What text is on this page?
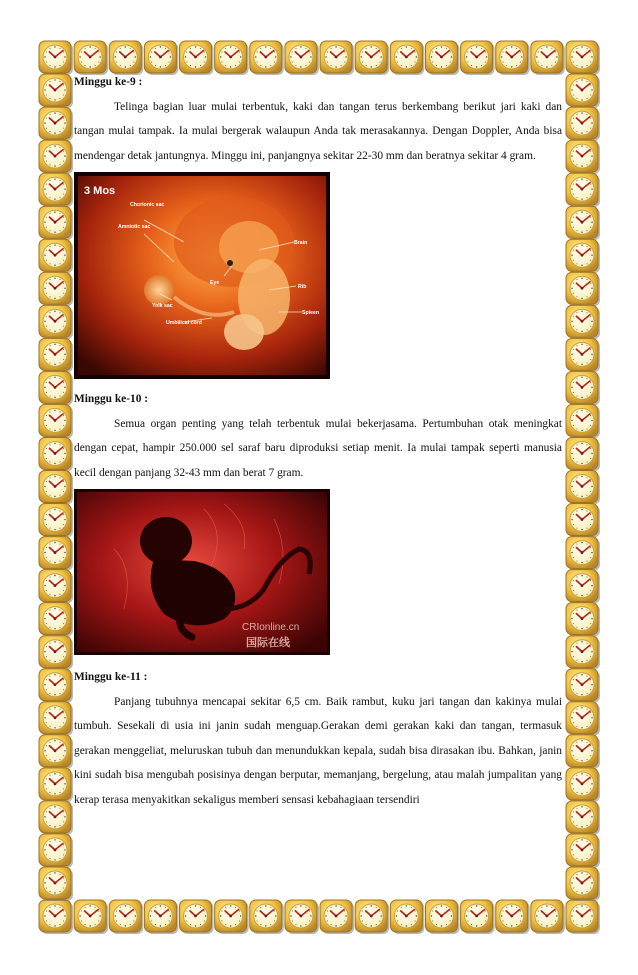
Minggu ke-9 :

Telinga bagian luar mulai terbentuk, kaki dan tangan terus berkembang berikut jari kaki dan tangan mulai tampak. Ia mulai bergerak walaupun Anda tak merasakannya. Dengan Doppler, Anda bisa mendengar detak jantungnya. Minggu ini, panjangnya sekitar 22-30 mm dan beratnya sekitar 4 gram.

3 Mos
Chorionic sac
Amniotic sac
Brain
Eye
Rib
Yolk sac
Spleen
Umbilical cord

Minggu ke-10 :

Semua organ penting yang telah terbentuk mulai bekerjasama. Pertumbuhan otak meningkat dengan cepat, hampir 250.000 sel saraf baru diproduksi setiap menit. Ia mulai tampak seperti manusia kecil dengan panjang 32-43 mm dan berat 7 gram.

CRIonline.cn
国际在线

Minggu ke-11 :

Panjang tubuhnya mencapai sekitar 6,5 cm. Baik rambut, kuku jari tangan dan kakinya mulai tumbuh. Sesekali di usia ini janin sudah menguap.Gerakan demi gerakan kaki dan tangan, termasuk gerakan menggeliat, meluruskan tubuh dan menundukkan kepala, sudah bisa dirasakan ibu. Bahkan, janin kini sudah bisa mengubah posisinya dengan berputar, memanjang, bergelung, atau malah jumpalitan yang kerap terasa menyakitkan sekaligus memberi sensasi kebahagiaan tersendiri
